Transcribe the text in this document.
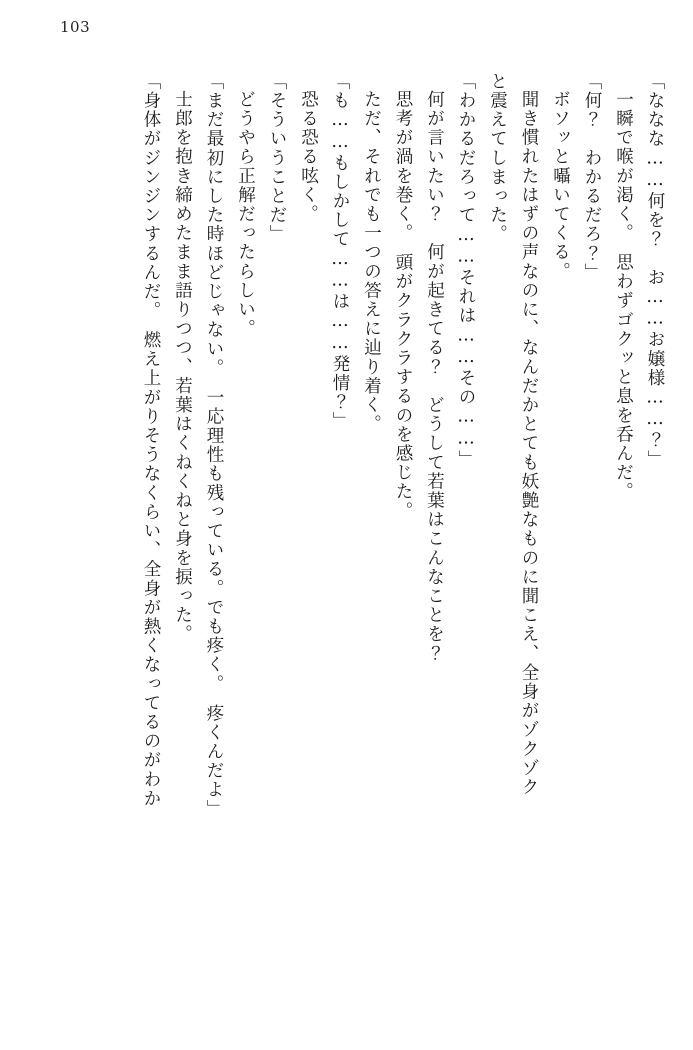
103
「ななな……何を？　お……お嬢様……？」
一瞬で喉が渇く。　思わずゴクッと息を呑んだ。
「何？　わかるだろ？」
ボソッと囁いてくる。
聞き慣れたはずの声なのに、なんだかとても妖艶なものに聞こえ、全身がゾクゾク
と震えてしまった。
「わかるだろって……それは……その……」
何が言いたい？　何が起きてる？　どうして若葉はこんなことを？
思考が渦を巻く。　頭がクラクラするのを感じた。
ただ、それでも一つの答えに辿り着く。
「も……もしかして……は……発情？」
恐る恐る呟く。
「そういうことだ」
どうやら正解だったらしい。
「まだ最初にした時ほどじゃない。　一応理性も残っている。でも疼く。　疼くんだよ」
士郎を抱き締めたまま語りつつ、若葉はくねくねと身を捩った。
「身体がジンジンするんだ。　燃え上がりそうなくらい、全身が熱くなってるのがわか
